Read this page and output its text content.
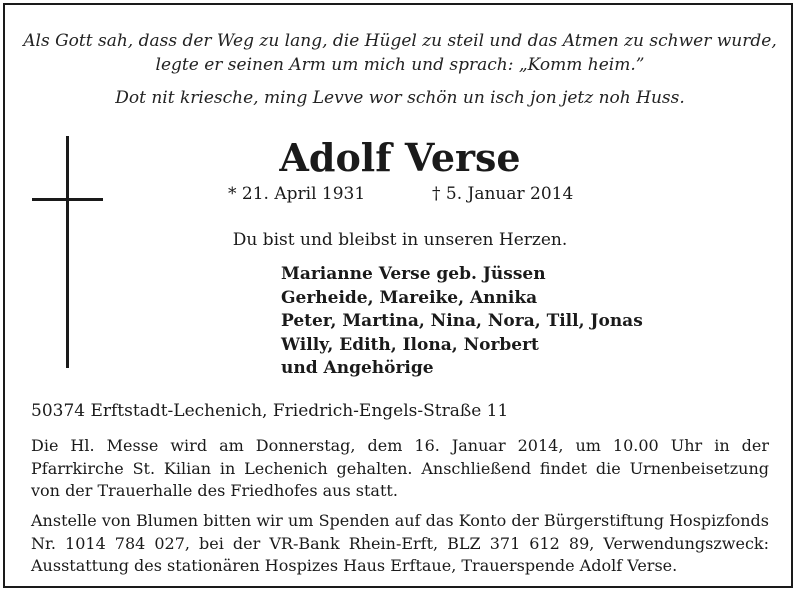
Als Gott sah, dass der Weg zu lang, die Hügel zu steil und das Atmen zu schwer wurde,
legte er seinen Arm um mich und sprach: „Komm heim.”
Dot nit kriesche, ming Levve wor schön un isch jon jetz noh Huss.
Adolf Verse
* 21. April 1931	† 5. Januar 2014
Du bist und bleibst in unseren Herzen.
Marianne Verse geb. Jüssen
Gerheide, Mareike, Annika
Peter, Martina, Nina, Nora, Till, Jonas
Willy, Edith, Ilona, Norbert
und Angehörige
50374 Erftstadt-Lechenich, Friedrich-Engels-Straße 11
Die Hl. Messe wird am Donnerstag, dem 16. Januar 2014, um 10.00 Uhr in der Pfarrkirche St. Kilian in Lechenich gehalten. Anschließend findet die Urnenbeisetzung von der Trauerhalle des Friedhofes aus statt.
Anstelle von Blumen bitten wir um Spenden auf das Konto der Bürgerstiftung Hospizfonds Nr. 1014 784 027, bei der VR-Bank Rhein-Erft, BLZ 371 612 89, Verwendungszweck: Ausstattung des stationären Hospizes Haus Erftaue, Trauerspende Adolf Verse.
